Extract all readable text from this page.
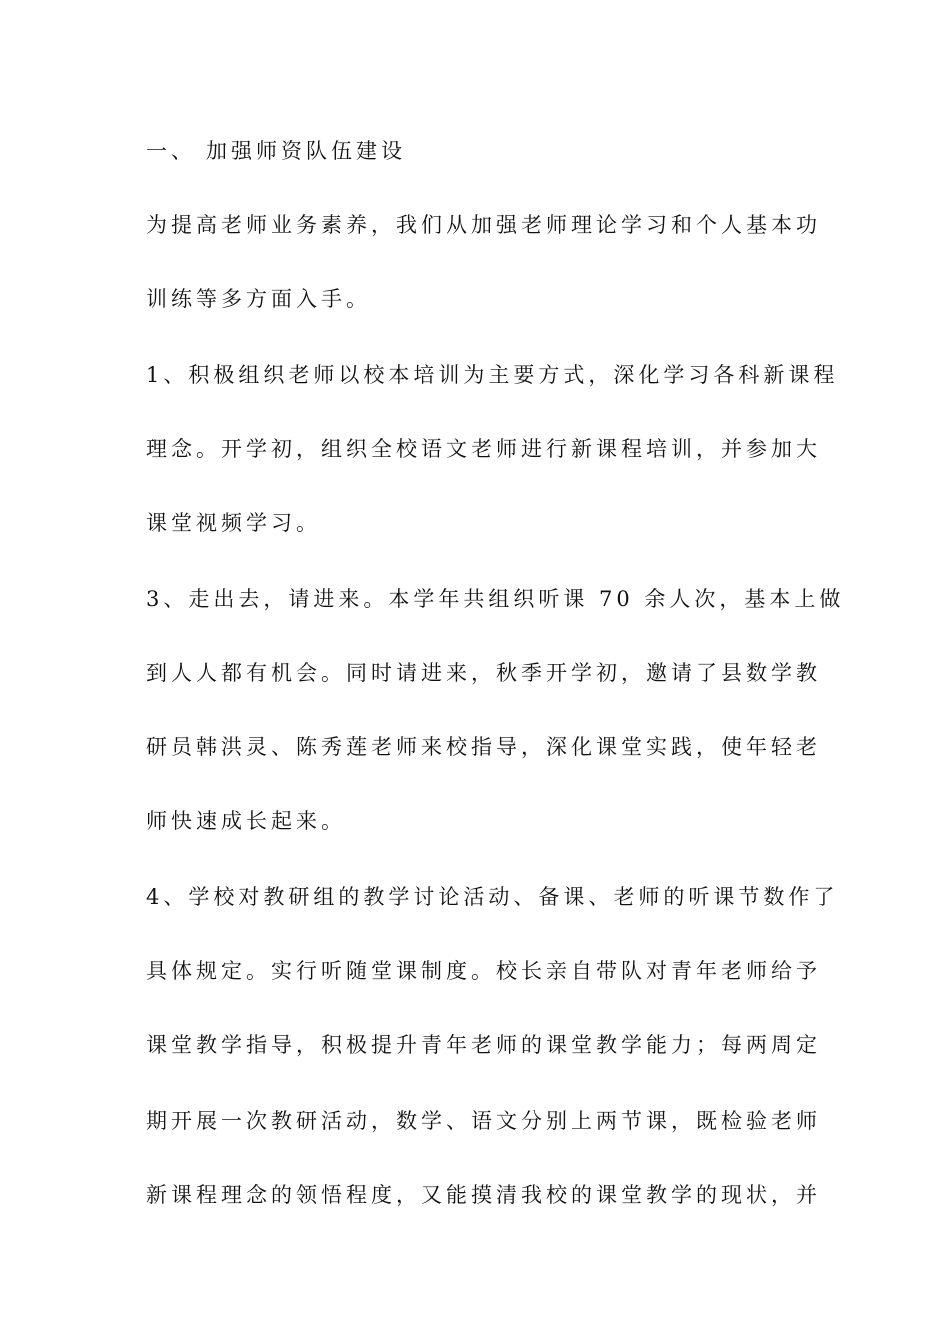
一、 加强师资队伍建设
为提高老师业务素养，我们从加强老师理论学习和个人基本功
训练等多方面入手。
1、积极组织老师以校本培训为主要方式，深化学习各科新课程
理念。开学初，组织全校语文老师进行新课程培训，并参加大
课堂视频学习。
3、走出去，请进来。本学年共组织听课 70 余人次，基本上做
到人人都有机会。同时请进来，秋季开学初，邀请了县数学教
研员韩洪灵、陈秀莲老师来校指导，深化课堂实践，使年轻老
师快速成长起来。
4、学校对教研组的教学讨论活动、备课、老师的听课节数作了
具体规定。实行听随堂课制度。校长亲自带队对青年老师给予
课堂教学指导，积极提升青年老师的课堂教学能力；每两周定
期开展一次教研活动，数学、语文分别上两节课，既检验老师
新课程理念的领悟程度，又能摸清我校的课堂教学的现状，并
